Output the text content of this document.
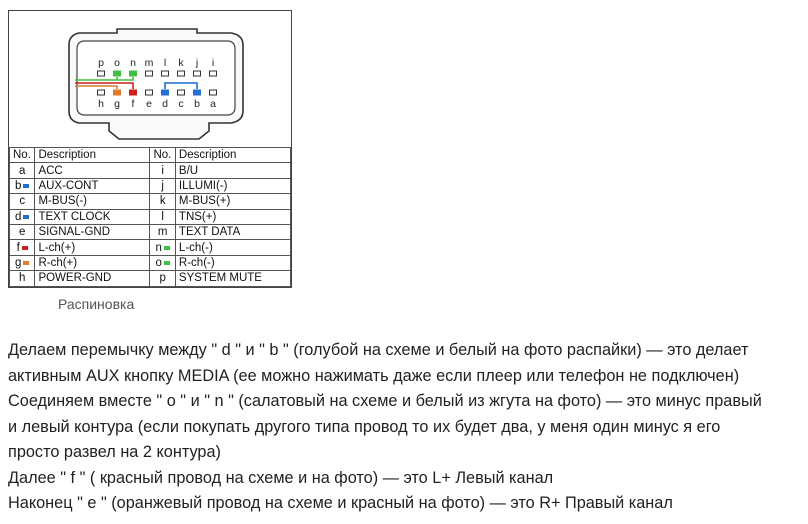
p o n m l k j i
h g f e d c b a
No.	Description	No.	Description
a	ACC	i	B/U
b	AUX-CONT	j	ILLUMI(-)
c	M-BUS(-)	k	M-BUS(+)
d	TEXT CLOCK	l	TNS(+)
e	SIGNAL-GND	m	TEXT DATA
f	L-ch(+)	n	L-ch(-)
g	R-ch(+)	o	R-ch(-)
h	POWER-GND	p	SYSTEM MUTE
Распиновка

Делаем перемычку между " d " и " b " (голубой на схеме и белый на фото распайки) — это делает

активным AUX кнопку MEDIA (ее можно нажимать даже если плеер или телефон не подключен)

Соединяем вместе " o " и " n " (салатовый на схеме и белый из жгута на фото) — это минус правый

и левый контура (если покупать другого типа провод то их будет два, у меня один минус я его

просто развел на 2 контура)

Далее " f " ( красный провод на схеме и на фото) — это L+ Левый канал

Наконец " e " (оранжевый провод на схеме и красный на фото) — это R+ Правый канал
